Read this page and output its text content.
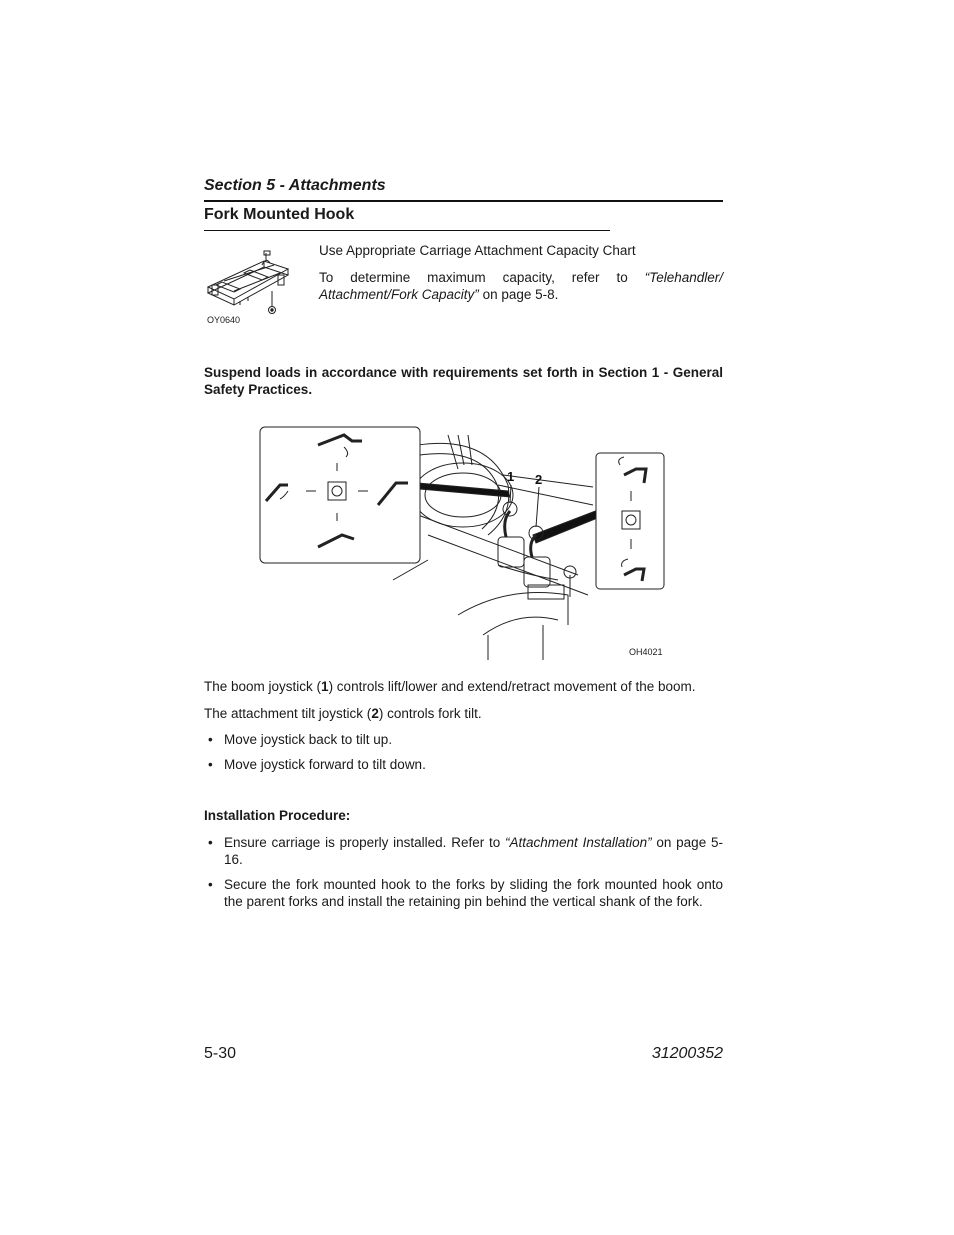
Section 5 - Attachments
Fork Mounted Hook
OY0640
Use Appropriate Carriage Attachment Capacity Chart
To determine maximum capacity, refer to “Telehandler/ Attachment/Fork Capacity” on page 5-8.
Suspend loads in accordance with requirements set forth in Section 1 - General Safety Practices.
1 2
OH4021
The boom joystick (1) controls lift/lower and extend/retract movement of the boom.
The attachment tilt joystick (2) controls fork tilt.
• Move joystick back to tilt up.
• Move joystick forward to tilt down.
Installation Procedure:
• Ensure carriage is properly installed. Refer to “Attachment Installation” on page 5-16.
• Secure the fork mounted hook to the forks by sliding the fork mounted hook onto the parent forks and install the retaining pin behind the vertical shank of the fork.
5-30	31200352
